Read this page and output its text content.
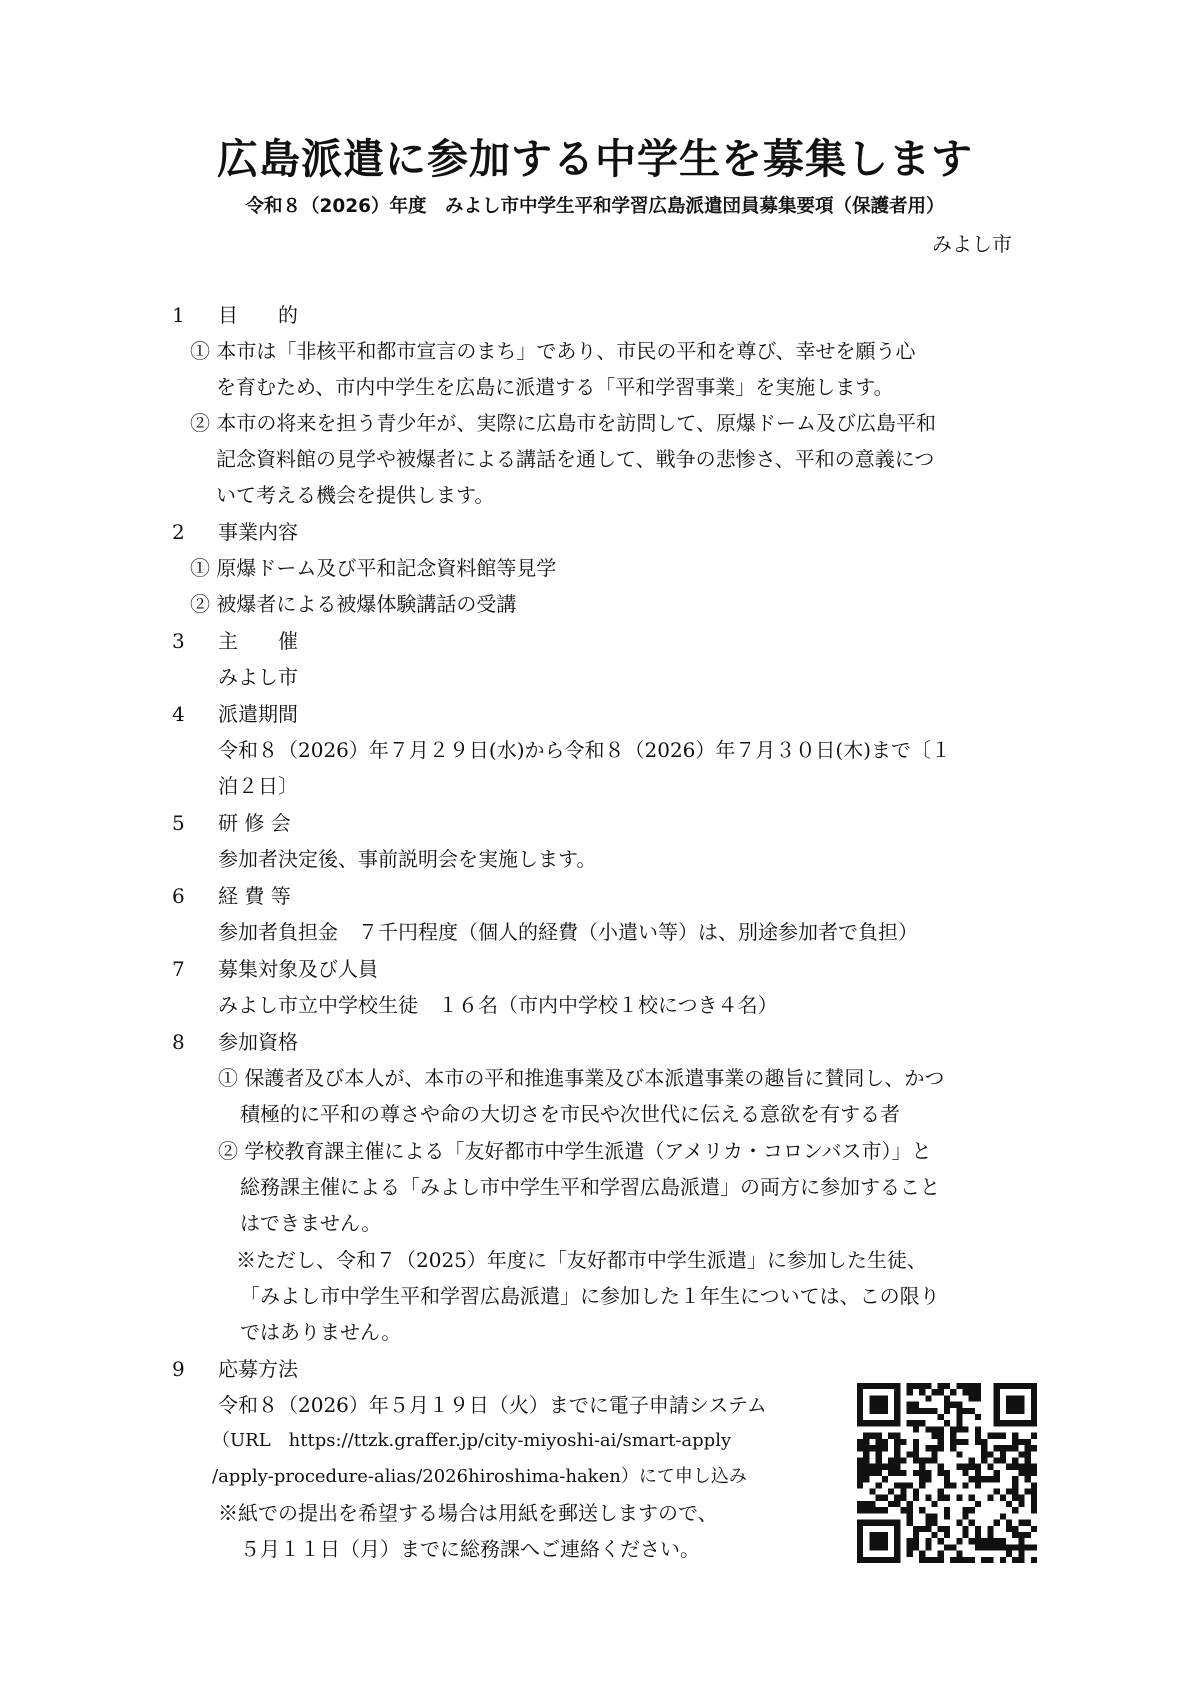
広島派遣に参加する中学生を募集します
令和８（2026）年度　みよし市中学生平和学習広島派遣団員募集要項（保護者用）
みよし市
1 目　　的
① 本市は「非核平和都市宣言のまち」であり、市民の平和を尊び、幸せを願う心
を育むため、市内中学生を広島に派遣する「平和学習事業」を実施します。
② 本市の将来を担う青少年が、実際に広島市を訪問して、原爆ドーム及び広島平和
記念資料館の見学や被爆者による講話を通して、戦争の悲惨さ、平和の意義につ
いて考える機会を提供します。
2 事業内容
① 原爆ドーム及び平和記念資料館等見学
② 被爆者による被爆体験講話の受講
3 主　　催
みよし市
4 派遣期間
令和８（2026）年７月２９日(水)から令和８（2026）年７月３０日(木)まで〔１
泊２日〕
5 研 修 会
参加者決定後、事前説明会を実施します。
6 経 費 等
参加者負担金　７千円程度（個人的経費（小遣い等）は、別途参加者で負担）
7 募集対象及び人員
みよし市立中学校生徒　１６名（市内中学校１校につき４名）
8 参加資格
① 保護者及び本人が、本市の平和推進事業及び本派遣事業の趣旨に賛同し、かつ
積極的に平和の尊さや命の大切さを市民や次世代に伝える意欲を有する者
② 学校教育課主催による「友好都市中学生派遣（アメリカ・コロンバス市）」と
総務課主催による「みよし市中学生平和学習広島派遣」の両方に参加すること
はできません。
※ただし、令和７（2025）年度に「友好都市中学生派遣」に参加した生徒、
「みよし市中学生平和学習広島派遣」に参加した１年生については、この限り
ではありません。
9 応募方法
令和８（2026）年５月１９日（火）までに電子申請システム
（URL　https://ttzk.graffer.jp/city-miyoshi-ai/smart-apply
/apply-procedure-alias/2026hiroshima-haken）にて申し込み
※紙での提出を希望する場合は用紙を郵送しますので、
５月１１日（月）までに総務課へご連絡ください。
